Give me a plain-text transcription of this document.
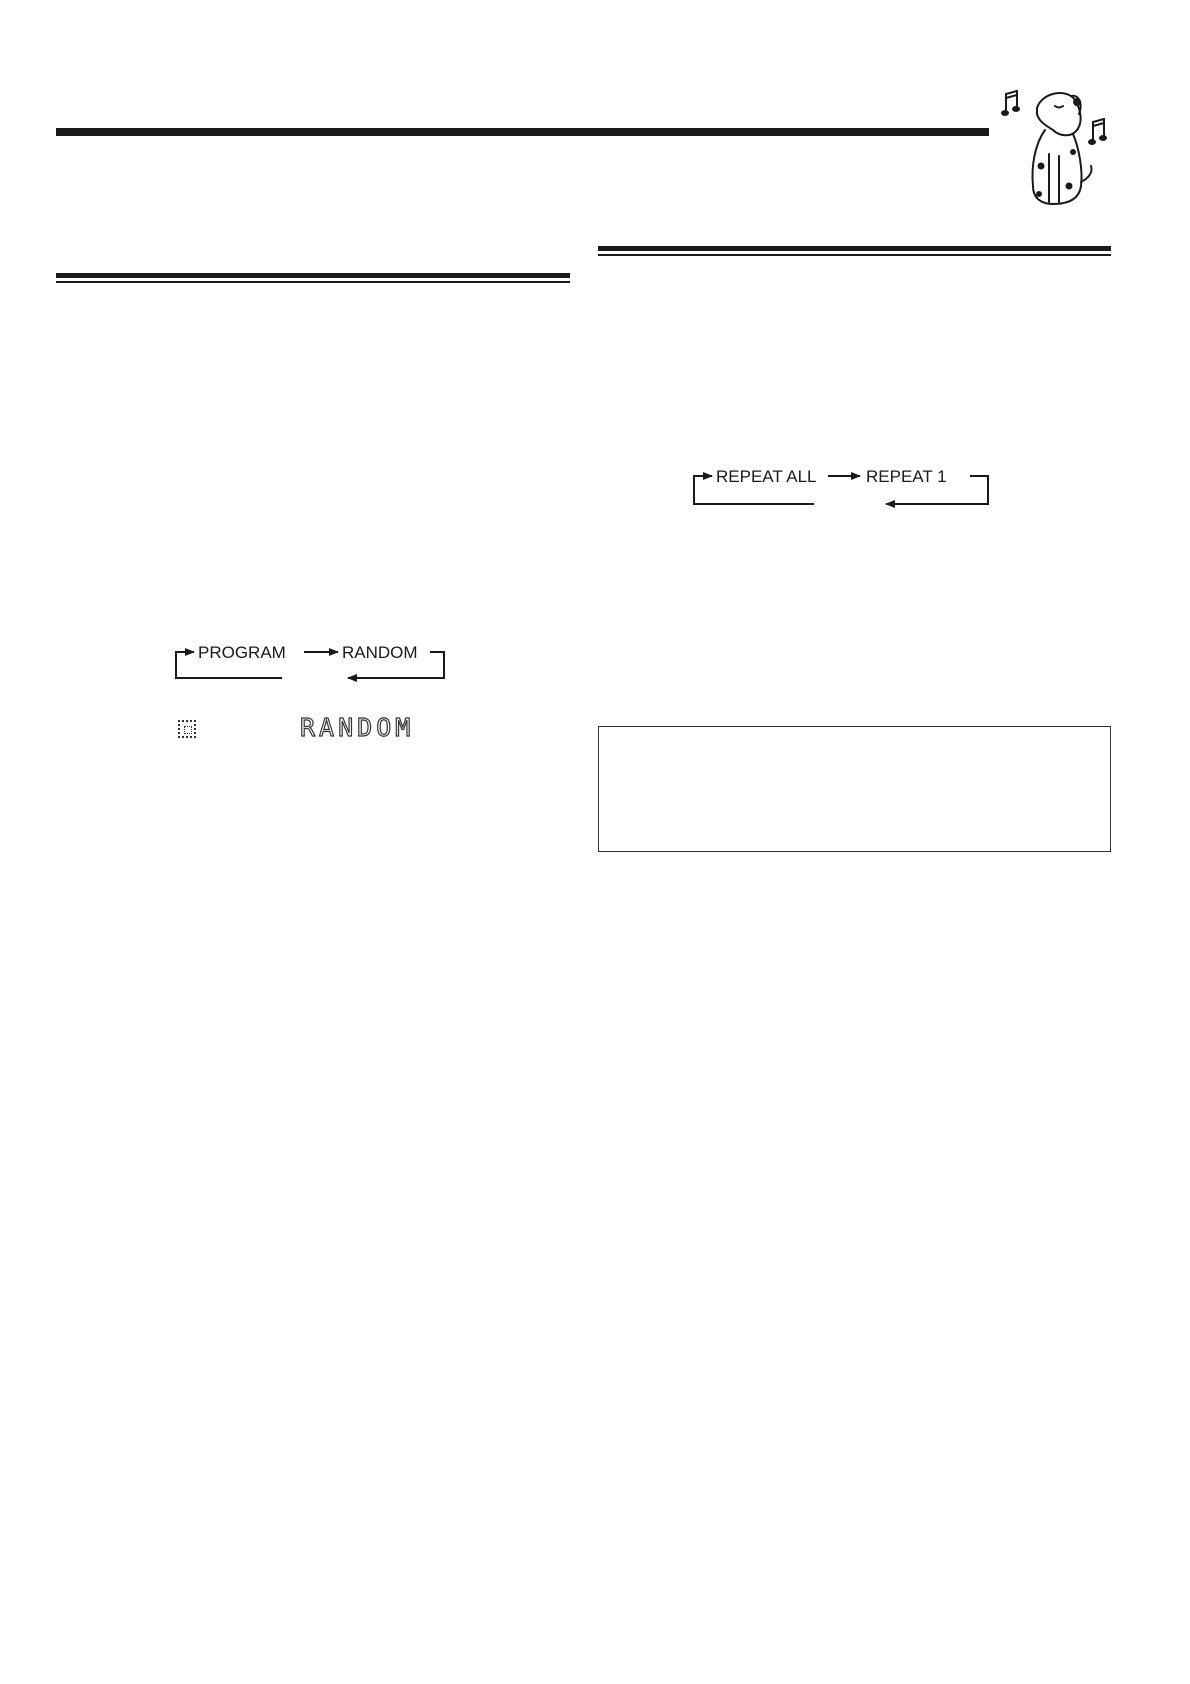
PROGRAM	RANDOM
RANDOM
REPEAT ALL	REPEAT 1
